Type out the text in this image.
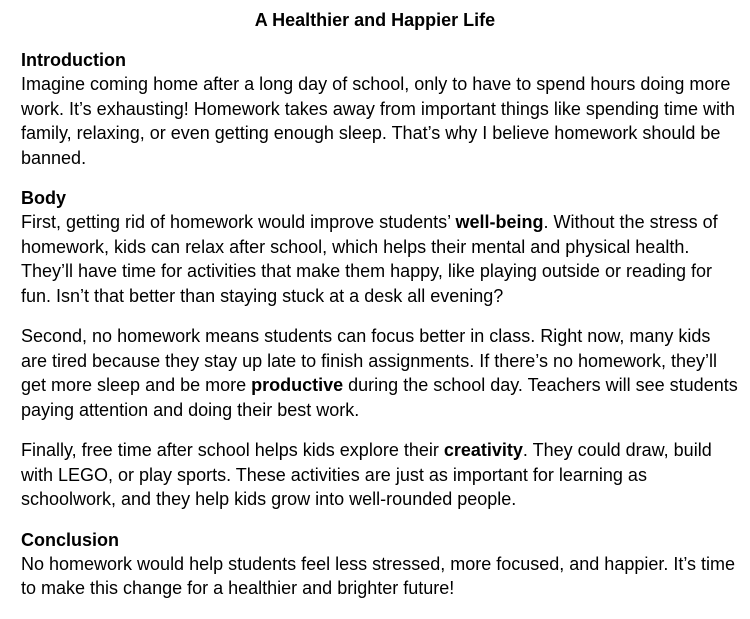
A Healthier and Happier Life
Introduction

Imagine coming home after a long day of school, only to have to spend hours doing more work. It’s exhausting! Homework takes away from important things like spending time with family, relaxing, or even getting enough sleep. That’s why I believe homework should be banned.

Body

First, getting rid of homework would improve students’ well-being. Without the stress of homework, kids can relax after school, which helps their mental and physical health. They’ll have time for activities that make them happy, like playing outside or reading for fun. Isn’t that better than staying stuck at a desk all evening?

Second, no homework means students can focus better in class. Right now, many kids are tired because they stay up late to finish assignments. If there’s no homework, they’ll get more sleep and be more productive during the school day. Teachers will see students paying attention and doing their best work.

Finally, free time after school helps kids explore their creativity. They could draw, build with LEGO, or play sports. These activities are just as important for learning as schoolwork, and they help kids grow into well-rounded people.

Conclusion

No homework would help students feel less stressed, more focused, and happier. It’s time to make this change for a healthier and brighter future!
